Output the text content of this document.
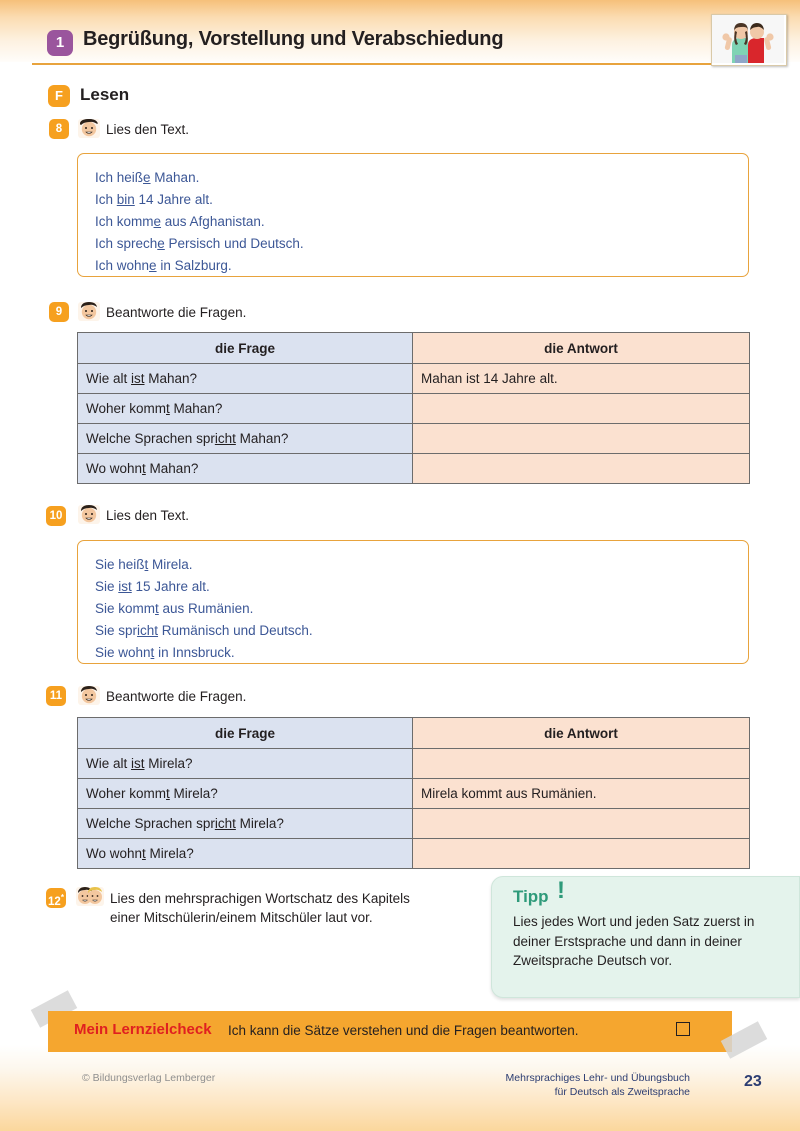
1 Begrüßung, Vorstellung und Verabschiedung
F	Lesen
8	Lies den Text.

Ich heiße Mahan.

Ich bin 14 Jahre alt.

Ich komme aus Afghanistan.

Ich spreche Persisch und Deutsch.

Ich wohne in Salzburg.

9	Beantworte die Fragen.
die Frage	die Antwort
Wie alt ist Mahan?	Mahan ist 14 Jahre alt.
Woher kommt Mahan?	
Welche Sprachen spricht Mahan?	
Wo wohnt Mahan?	
10	Lies den Text.

Sie heißt Mirela.

Sie ist 15 Jahre alt.

Sie kommt aus Rumänien.

Sie spricht Rumänisch und Deutsch.

Sie wohnt in Innsbruck.

11	Beantworte die Fragen.
die Frage	die Antwort
Wie alt ist Mirela?	
Woher kommt Mirela?	Mirela kommt aus Rumänien.
Welche Sprachen spricht Mirela?	
Wo wohnt Mirela?	
12*	Lies den mehrsprachigen Wortschatz des Kapitels
einer Mitschülerin/einem Mitschüler laut vor.
Tipp !
Lies jedes Wort und jeden Satz zuerst in deiner Erstsprache und dann in deiner Zweitsprache Deutsch vor.
Mein Lernzielcheck Ich kann die Sätze verstehen und die Fragen beantworten.
© Bildungsverlag Lemberger	Mehrsprachiges Lehr- und Übungsbuch
für Deutsch als Zweitsprache
23
